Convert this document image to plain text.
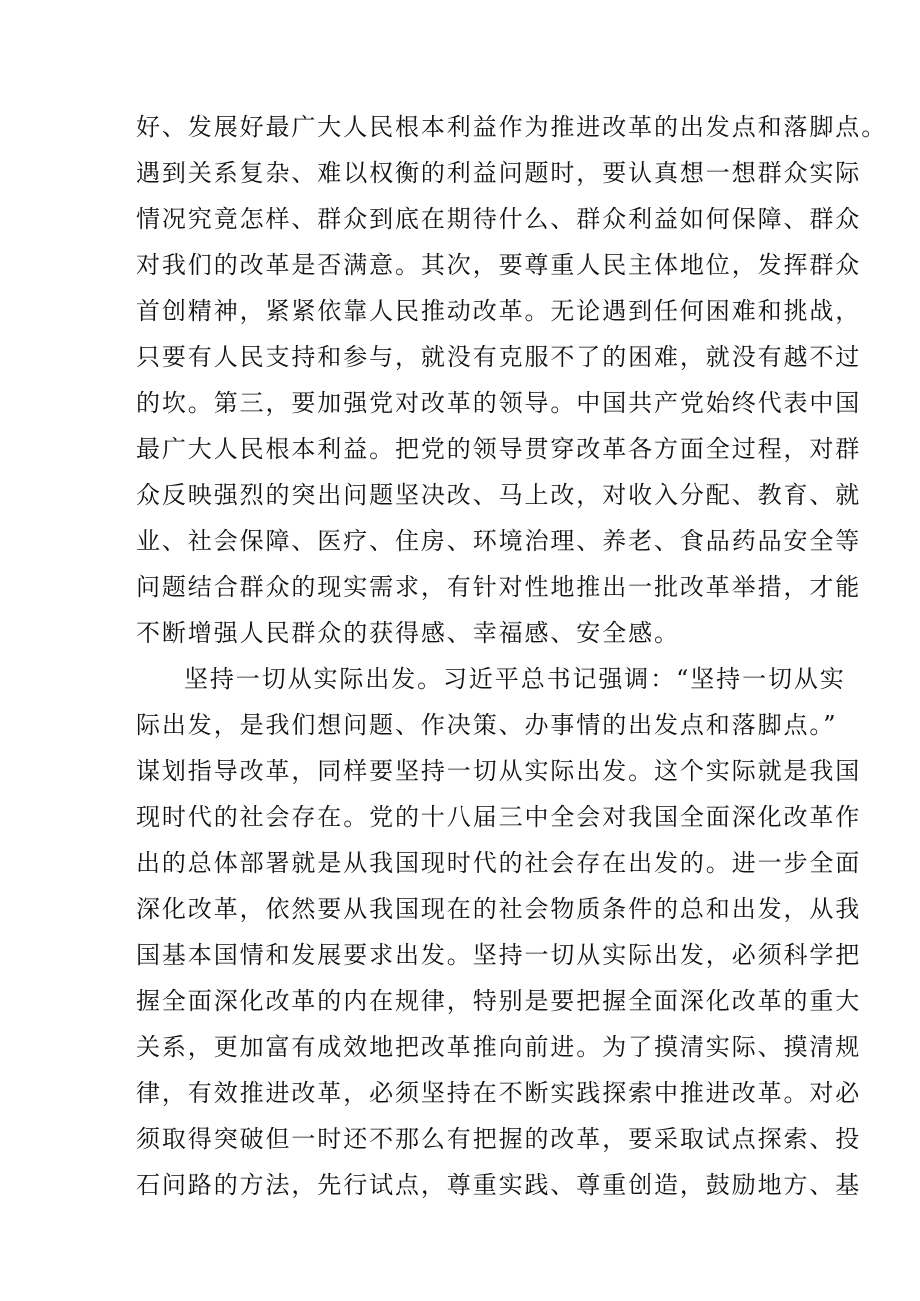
好、发展好最广大人民根本利益作为推进改革的出发点和落脚点。
遇到关系复杂、难以权衡的利益问题时，要认真想一想群众实际
情况究竟怎样、群众到底在期待什么、群众利益如何保障、群众
对我们的改革是否满意。其次，要尊重人民主体地位，发挥群众
首创精神，紧紧依靠人民推动改革。无论遇到任何困难和挑战，
只要有人民支持和参与，就没有克服不了的困难，就没有越不过
的坎。第三，要加强党对改革的领导。中国共产党始终代表中国
最广大人民根本利益。把党的领导贯穿改革各方面全过程，对群
众反映强烈的突出问题坚决改、马上改，对收入分配、教育、就
业、社会保障、医疗、住房、环境治理、养老、食品药品安全等
问题结合群众的现实需求，有针对性地推出一批改革举措，才能
不断增强人民群众的获得感、幸福感、安全感。
坚持一切从实际出发。习近平总书记强调：“坚持一切从实
际出发，是我们想问题、作决策、办事情的出发点和落脚点。”
谋划指导改革，同样要坚持一切从实际出发。这个实际就是我国
现时代的社会存在。党的十八届三中全会对我国全面深化改革作
出的总体部署就是从我国现时代的社会存在出发的。进一步全面
深化改革，依然要从我国现在的社会物质条件的总和出发，从我
国基本国情和发展要求出发。坚持一切从实际出发，必须科学把
握全面深化改革的内在规律，特别是要把握全面深化改革的重大
关系，更加富有成效地把改革推向前进。为了摸清实际、摸清规
律，有效推进改革，必须坚持在不断实践探索中推进改革。对必
须取得突破但一时还不那么有把握的改革，要采取试点探索、投
石问路的方法，先行试点，尊重实践、尊重创造，鼓励地方、基
